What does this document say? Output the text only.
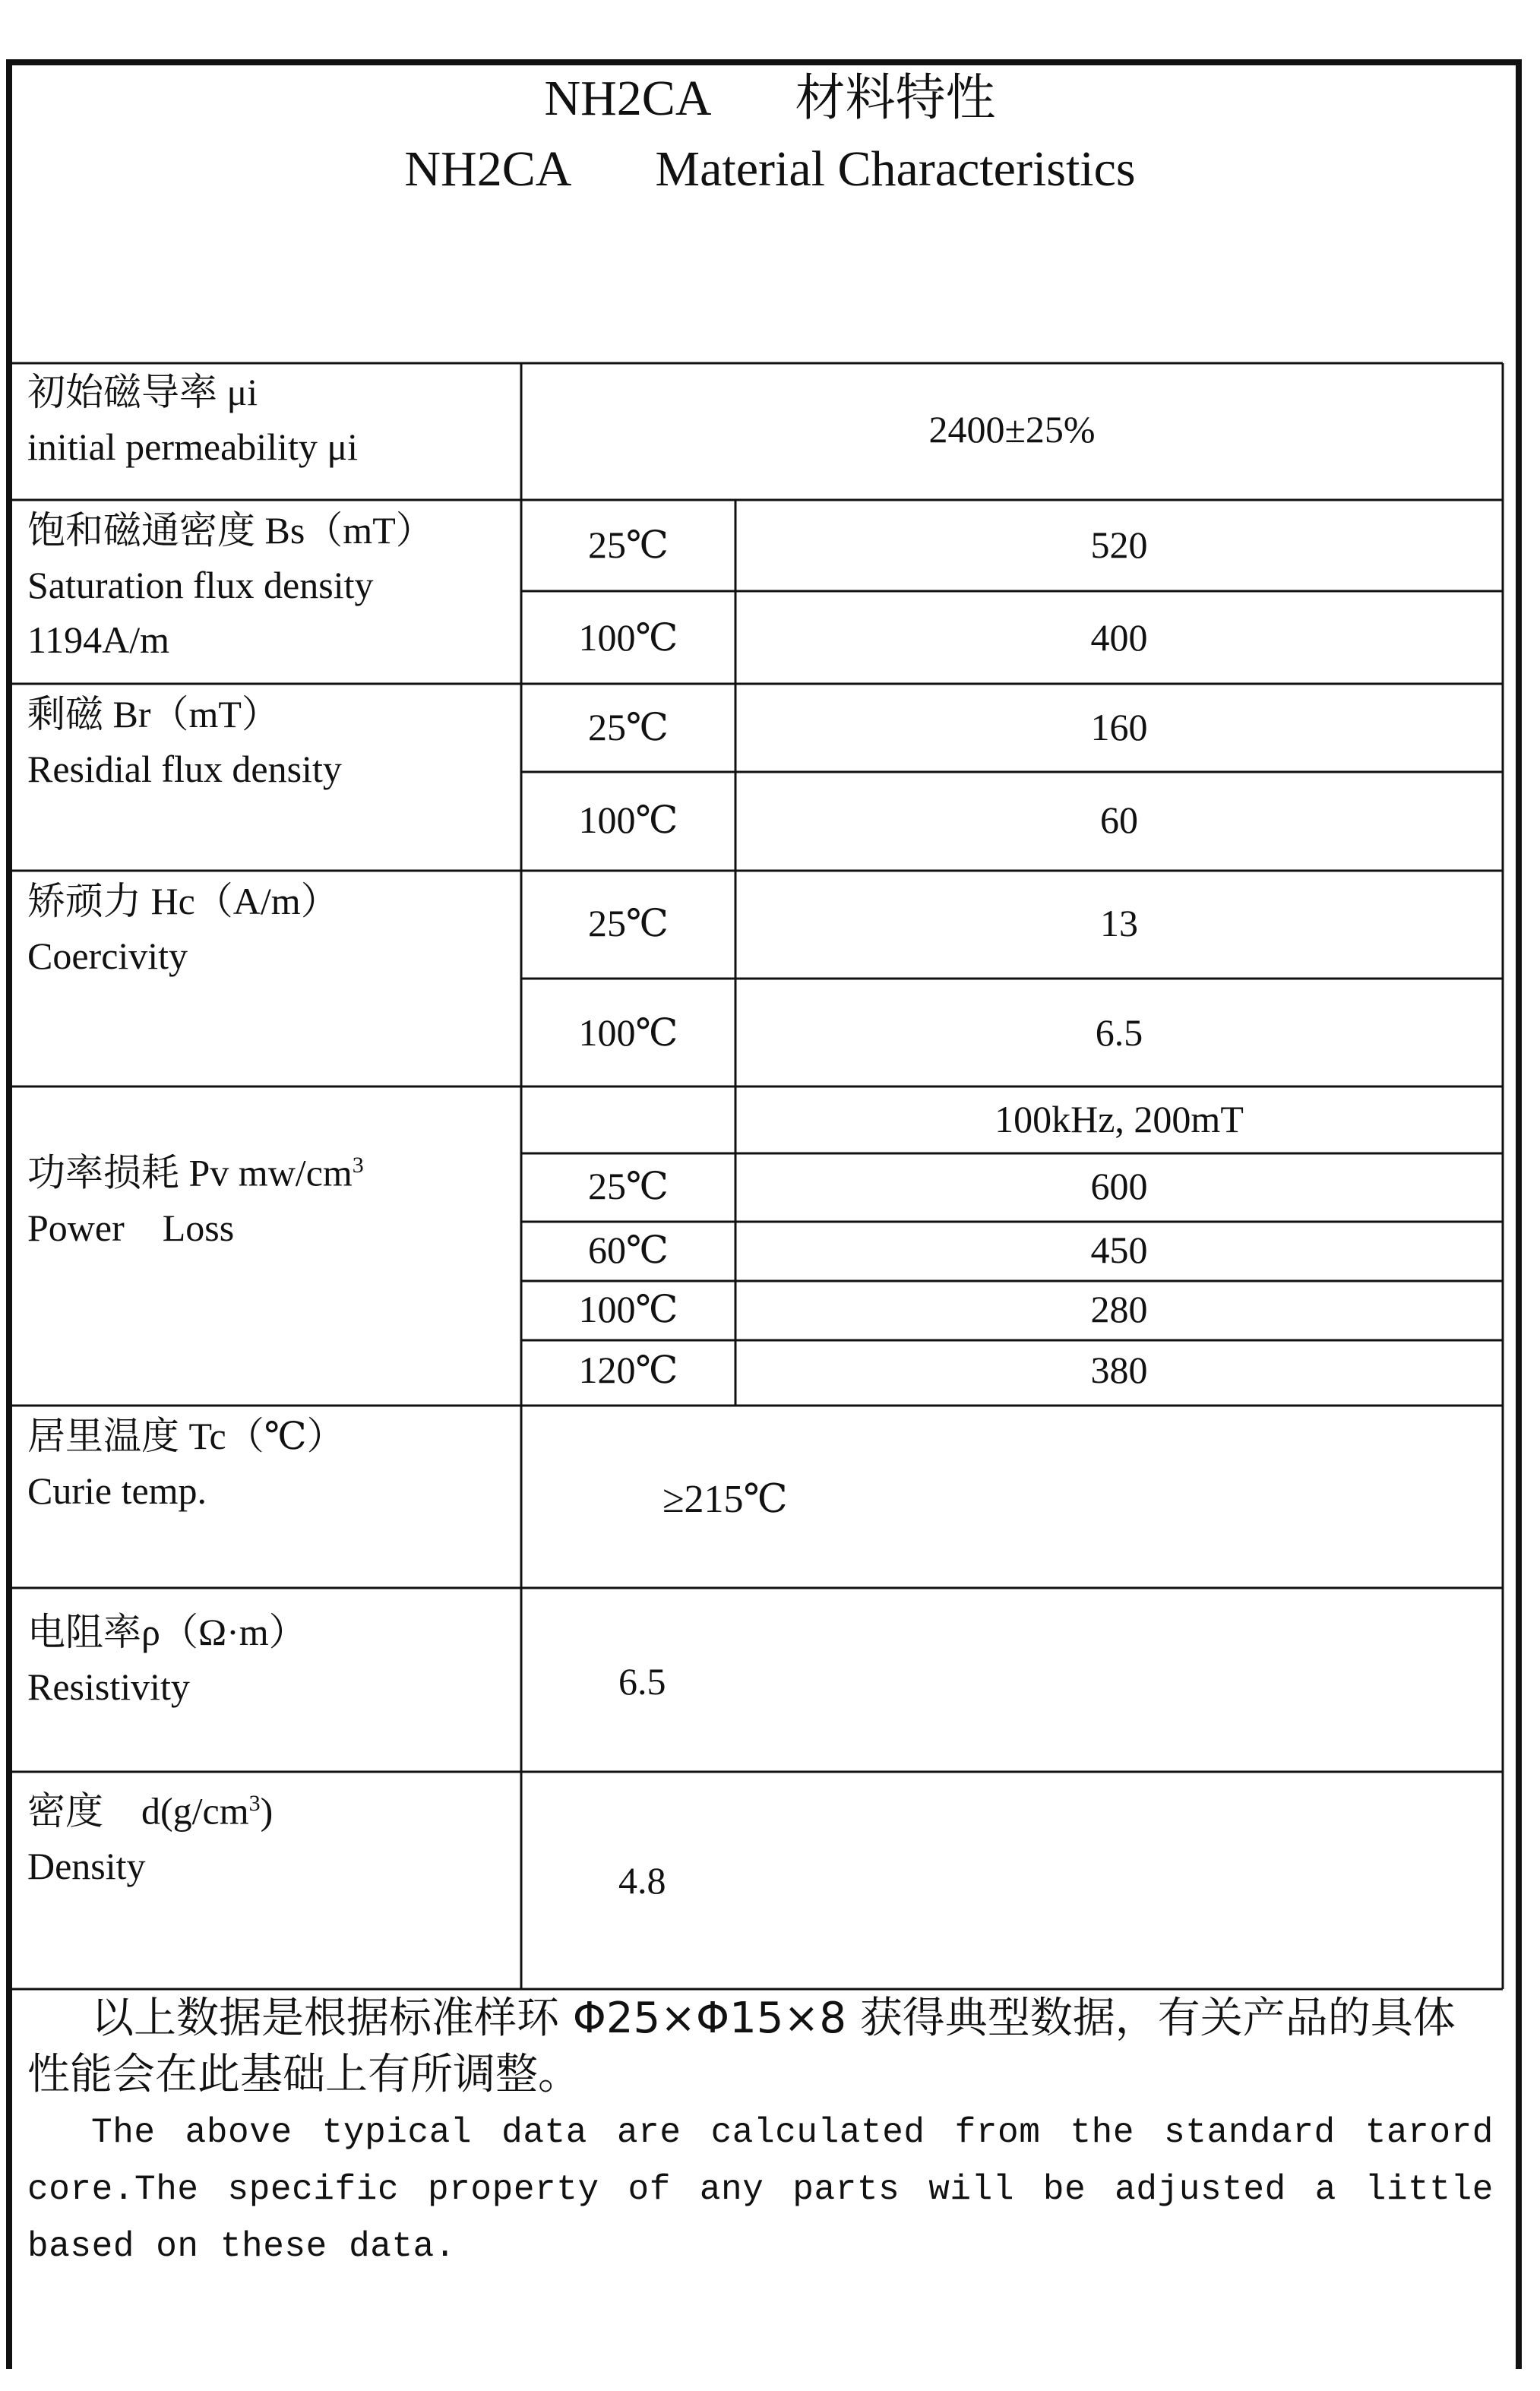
NH2CA 材料特性
NH2CA Material Characteristics
初始磁导率 μi
initial permeability μi	2400±25%
饱和磁通密度 Bs（mT）
Saturation flux density
1194A/m
25℃	520
100℃	400
剩磁 Br（mT）
Residial flux density
25℃	160
100℃	60
矫顽力 Hc（A/m）
Coercivity
25℃	13
100℃	6.5
功率损耗 Pv $mw/cm^3$
Power　Loss
100kHz, 200mT
25℃	600
60℃	450
100℃	280
120℃	380
居里温度 Tc（℃）
Curie temp.	≥215℃
电阻率ρ（Ω·m）
Resistivity	6.5
密度　$d(g/cm^3)$
Density	4.8
以上数据是根据标准样环 Φ25×Φ15×8 获得典型数据，有关产品的具体性能会在此基础上有所调整。
The above typical data are calculated from the standard tarord core.The specific property of any parts will be adjusted a little based on these data.
